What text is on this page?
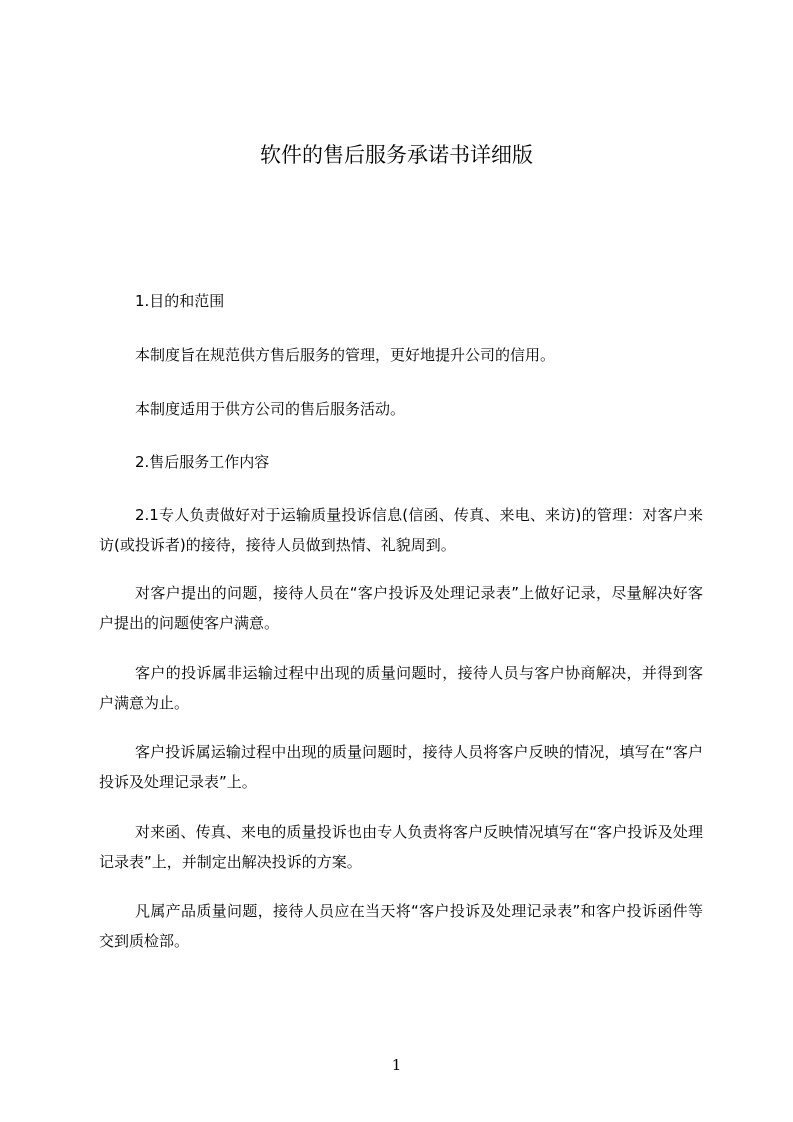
软件的售后服务承诺书详细版

1.目的和范围

本制度旨在规范供方售后服务的管理，更好地提升公司的信用。

本制度适用于供方公司的售后服务活动。

2.售后服务工作内容

2.1专人负责做好对于运输质量投诉信息(信函、传真、来电、来访)的管理：对客户来访(或投诉者)的接待，接待人员做到热情、礼貌周到。

对客户提出的问题，接待人员在“客户投诉及处理记录表”上做好记录，尽量解决好客户提出的问题使客户满意。

客户的投诉属非运输过程中出现的质量问题时，接待人员与客户协商解决，并得到客户满意为止。

客户投诉属运输过程中出现的质量问题时，接待人员将客户反映的情况，填写在“客户投诉及处理记录表”上。

对来函、传真、来电的质量投诉也由专人负责将客户反映情况填写在“客户投诉及处理记录表”上，并制定出解决投诉的方案。

凡属产品质量问题，接待人员应在当天将“客户投诉及处理记录表”和客户投诉函件等交到质检部。

1
